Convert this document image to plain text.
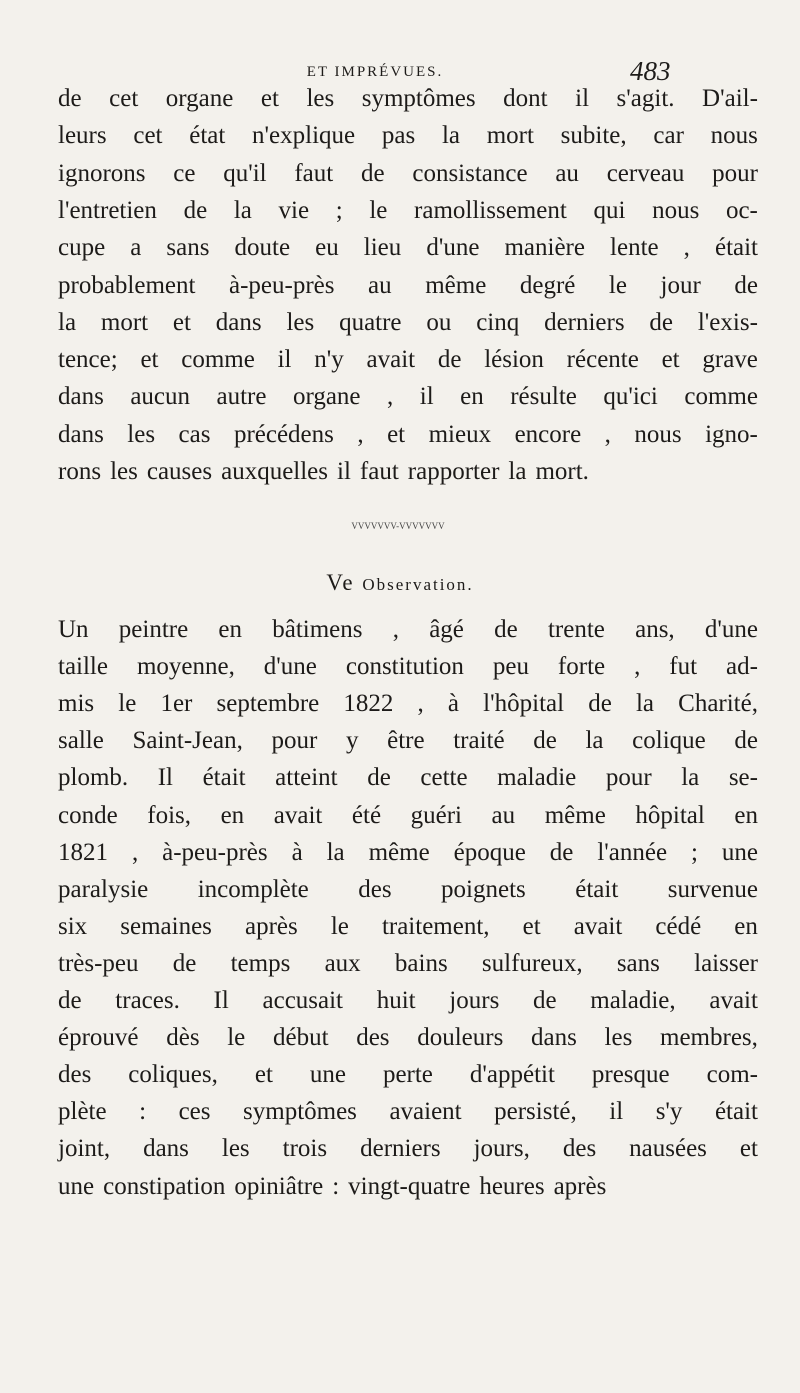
ET IMPRÉVUES.	483
de cet organe et les symptômes dont il s'agit. D'ail-
leurs cet état n'explique pas la mort subite, car nous
ignorons ce qu'il faut de consistance au cerveau pour
l'entretien de la vie ; le ramollissement qui nous oc-
cupe a sans doute eu lieu d'une manière lente , était
probablement à-peu-près au même degré le jour de
la mort et dans les quatre ou cinq derniers de l'exis-
tence; et comme il n'y avait de lésion récente et grave
dans aucun autre organe , il en résulte qu'ici comme
dans les cas précédens , et mieux encore , nous igno-
rons les causes auxquelles il faut rapporter la mort.
VVVVVVV-VVVVVVV
Ve Observation.
Un peintre en bâtimens , âgé de trente ans, d'une
taille moyenne, d'une constitution peu forte , fut ad-
mis le 1er septembre 1822 , à l'hôpital de la Charité,
salle Saint-Jean, pour y être traité de la colique de
plomb. Il était atteint de cette maladie pour la se-
conde fois, en avait été guéri au même hôpital en
1821 , à-peu-près à la même époque de l'année ; une
paralysie incomplète des poignets était survenue
six semaines après le traitement, et avait cédé en
très-peu de temps aux bains sulfureux, sans laisser
de traces. Il accusait huit jours de maladie, avait
éprouvé dès le début des douleurs dans les membres,
des coliques, et une perte d'appétit presque com-
plète : ces symptômes avaient persisté, il s'y était
joint, dans les trois derniers jours, des nausées et
une constipation opiniâtre : vingt-quatre heures après
